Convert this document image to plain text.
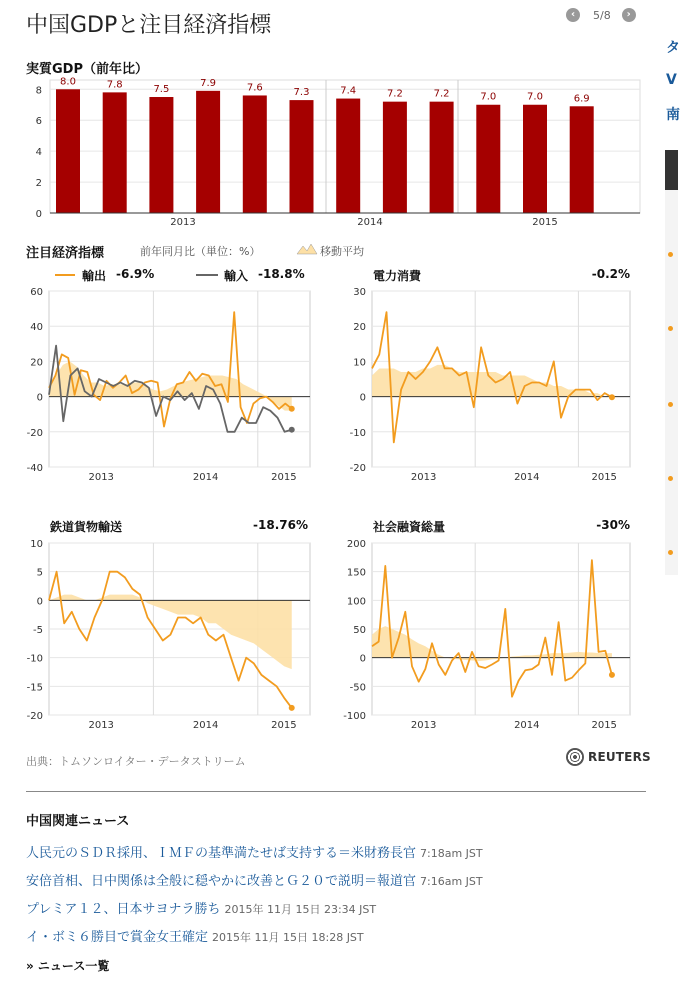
中国GDPと注目経済指標	‹	5/8	›
実質GDP（前年比）
0
2
4
6
8
8.0	7.8	7.5
7.9	7.6	7.3	7.4	7.2	7.2	7.0	7.0	6.9
2013	2014	2015
注目経済指標	前年同月比（単位：%）	移動平均
輸出 -6.9%	輸入 -18.8%	電力消費	-0.2%
鉄道貨物輸送	-18.76%	社会融資総量	-30%
-40
-20
0
20
40
60
2013	2014	2015
-20
-10
0
10
20
30
2013	2014	2015
-20
-15
-10
-5
0
5
10
2013	2014	2015
-100
-50
0
50
100
150
200
2013	2014	2015
出典：トムソンロイター・データストリーム	REUTERS
中国関連ニュース
人民元のＳＤＲ採用、ＩＭＦの基準満たせば支持する＝米財務長官 7:18am JST
安倍首相、日中関係は全般に穏やかに改善とＧ２０で説明＝報道官 7:16am JST
プレミア１２、日本サヨナラ勝ち 2015年 11月 15日 23:34 JST
イ・ボミ６勝目で賞金女王確定 2015年 11月 15日 18:28 JST
» ニュース一覧
タ
V
南
